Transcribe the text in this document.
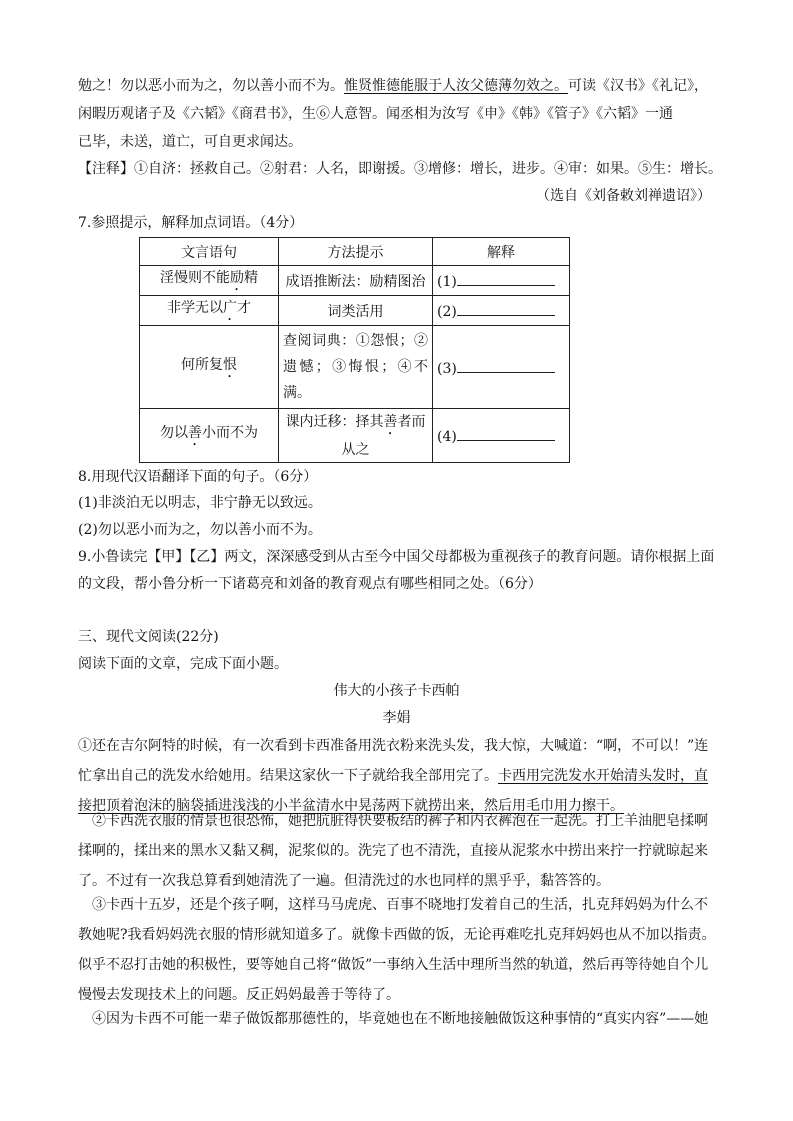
勉之！勿以恶小而为之，勿以善小而不为。惟贤惟德能服于人汝父德薄勿效之。可读《汉书》《礼记》，
闲暇历观诸子及《六韬》《商君书》，生⑥人意智。闻丞相为汝写《申》《韩》《管子》《六韬》一通
已毕，未送，道亡，可自更求闻达。
【注释】①自济：拯救自己。②射君：人名，即谢援。③增修：增长，进步。④审：如果。⑤生：增长。
（选自《刘备敕刘禅遗诏》）
7.参照提示，解释加点词语。（4分）
文言语句	方法提示	解释
淫慢则不能励精	成语推断法：励精图治	(1)
非学无以广才	词类活用	(2)
何所复恨	查阅词典：①怨恨；②遗憾；③悔恨；④不满。	(3)
勿以善小而不为	课内迁移：择其善者而从之	(4)
8.用现代汉语翻译下面的句子。（6分）
(1)非淡泊无以明志，非宁静无以致远。
(2)勿以恶小而为之，勿以善小而不为。
9.小鲁读完【甲】【乙】两文，深深感受到从古至今中国父母都极为重视孩子的教育问题。请你根据上面
的文段，帮小鲁分析一下诸葛亮和刘备的教育观点有哪些相同之处。（6分）
三、现代文阅读(22分)
阅读下面的文章，完成下面小题。
伟大的小孩子卡西帕
李娟
①还在吉尔阿特的时候，有一次看到卡西准备用洗衣粉来洗头发，我大惊，大喊道：“啊，不可以！”连忙拿出自己的洗发水给她用。结果这家伙一下子就给我全部用完了。卡西用完洗发水开始清头发时，直接把顶着泡沫的脑袋插进浅浅的小半盆清水中晃荡两下就捞出来，然后用毛巾用力擦干。
②卡西洗衣服的情景也很恐怖，她把肮脏得快要板结的裤子和内衣裤泡在一起洗。打上羊油肥皂揉啊揉啊的，揉出来的黑水又黏又稠，泥浆似的。洗完了也不清洗，直接从泥浆水中捞出来拧一拧就晾起来了。不过有一次我总算看到她清洗了一遍。但清洗过的水也同样的黑乎乎，黏答答的。
③卡西十五岁，还是个孩子啊，这样马马虎虎、百事不晓地打发着自己的生活，扎克拜妈妈为什么不教她呢?我看妈妈洗衣服的情形就知道多了。就像卡西做的饭，无论再难吃扎克拜妈妈也从不加以指责。似乎不忍打击她的积极性，要等她自己将“做饭”一事纳入生活中理所当然的轨道，然后再等待她自个儿慢慢去发现技术上的问题。反正妈妈最善于等待了。
④因为卡西不可能一辈子做饭都那德性的，毕竟她也在不断地接触做饭这种事情的“真实内容”——她
